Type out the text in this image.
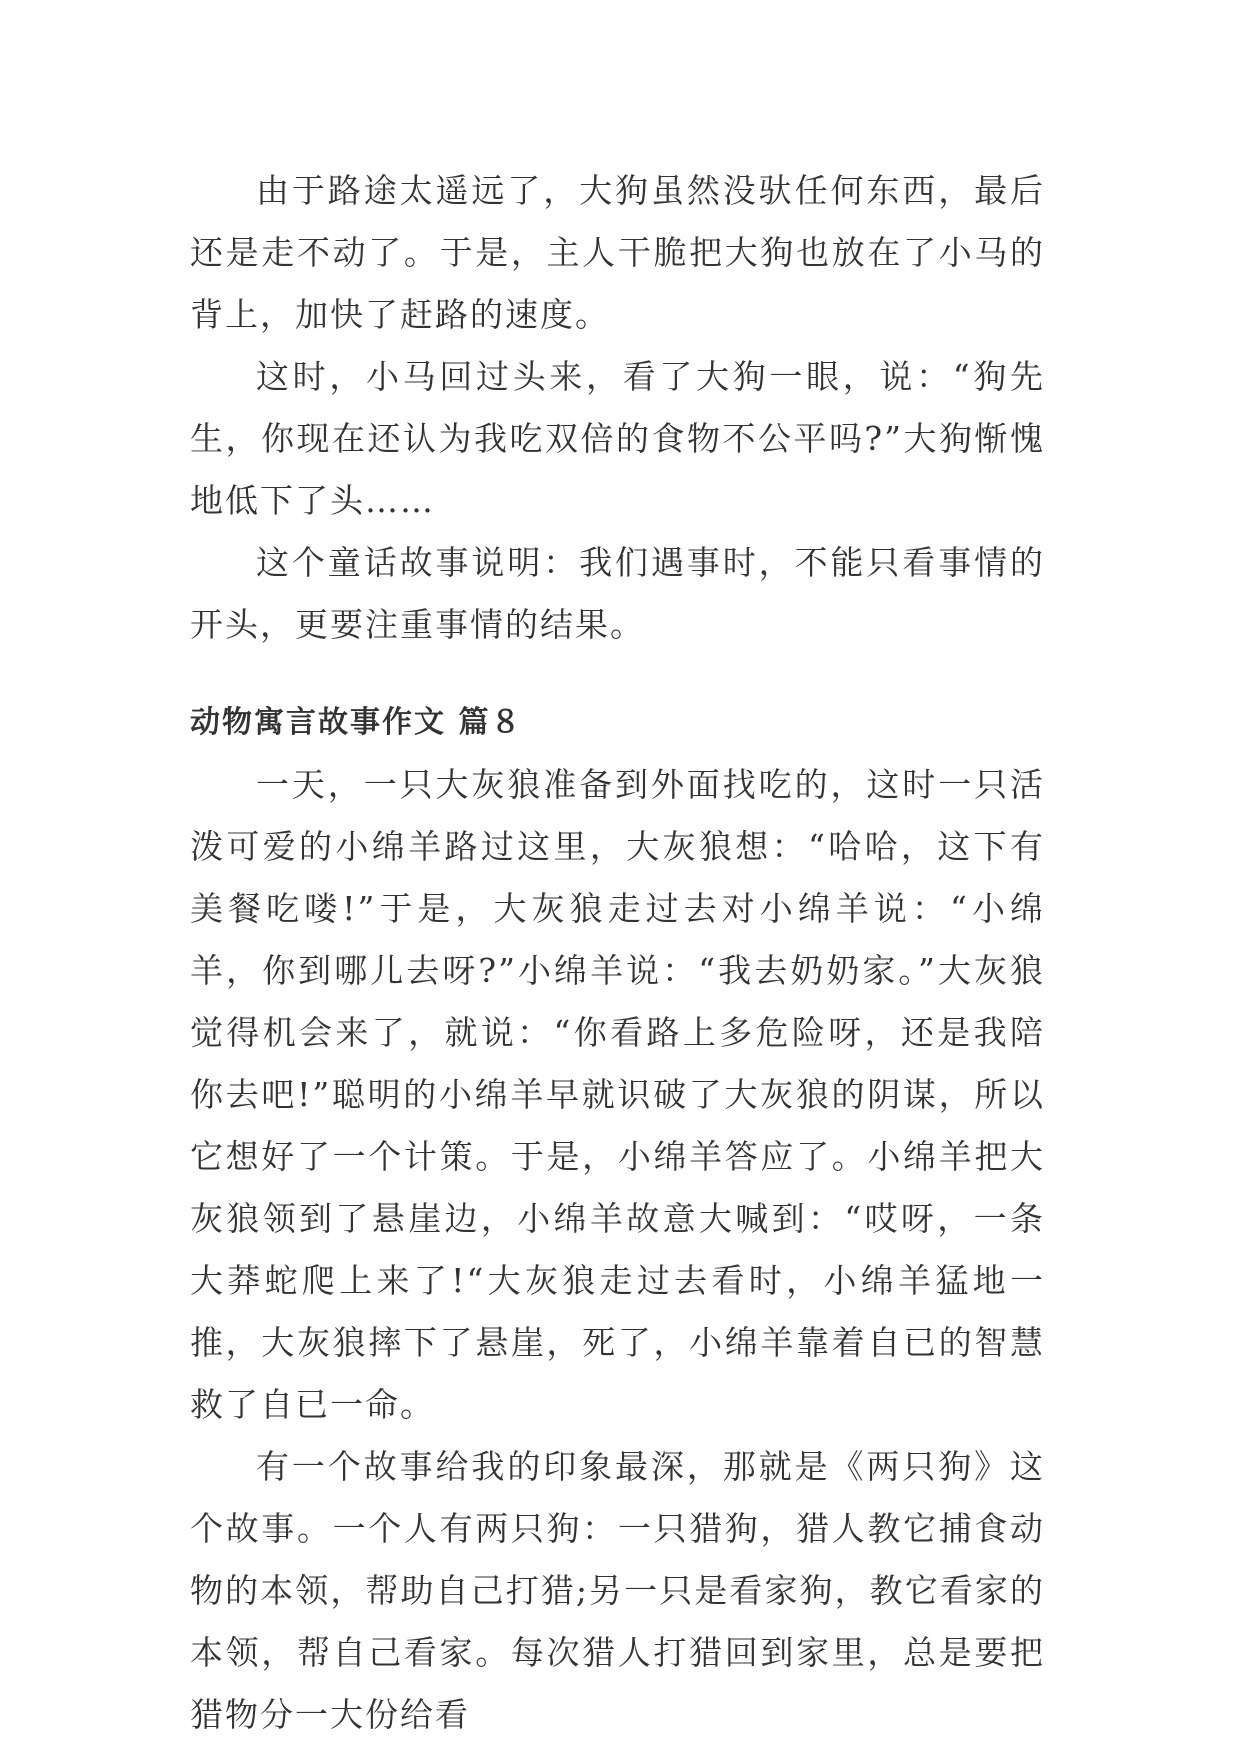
由于路途太遥远了，大狗虽然没驮任何东西，最后还是走不动了。于是，主人干脆把大狗也放在了小马的背上，加快了赶路的速度。

这时，小马回过头来，看了大狗一眼，说：“狗先生，你现在还认为我吃双倍的食物不公平吗?”大狗惭愧地低下了头……

这个童话故事说明：我们遇事时，不能只看事情的开头，更要注重事情的结果。

动物寓言故事作文 篇８

一天，一只大灰狼准备到外面找吃的，这时一只活泼可爱的小绵羊路过这里，大灰狼想：“哈哈，这下有美餐吃喽!”于是，大灰狼走过去对小绵羊说：“小绵羊，你到哪儿去呀?”小绵羊说：“我去奶奶家。”大灰狼觉得机会来了，就说：“你看路上多危险呀，还是我陪你去吧!”聪明的小绵羊早就识破了大灰狼的阴谋，所以它想好了一个计策。于是，小绵羊答应了。小绵羊把大灰狼领到了悬崖边，小绵羊故意大喊到：“哎呀，一条大莽蛇爬上来了!“大灰狼走过去看时，小绵羊猛地一推，大灰狼摔下了悬崖，死了，小绵羊靠着自已的智慧救了自已一命。

有一个故事给我的印象最深，那就是《两只狗》这个故事。一个人有两只狗：一只猎狗，猎人教它捕食动物的本领，帮助自己打猎;另一只是看家狗，教它看家的本领，帮自己看家。每次猎人打猎回到家里，总是要把猎物分一大份给看
